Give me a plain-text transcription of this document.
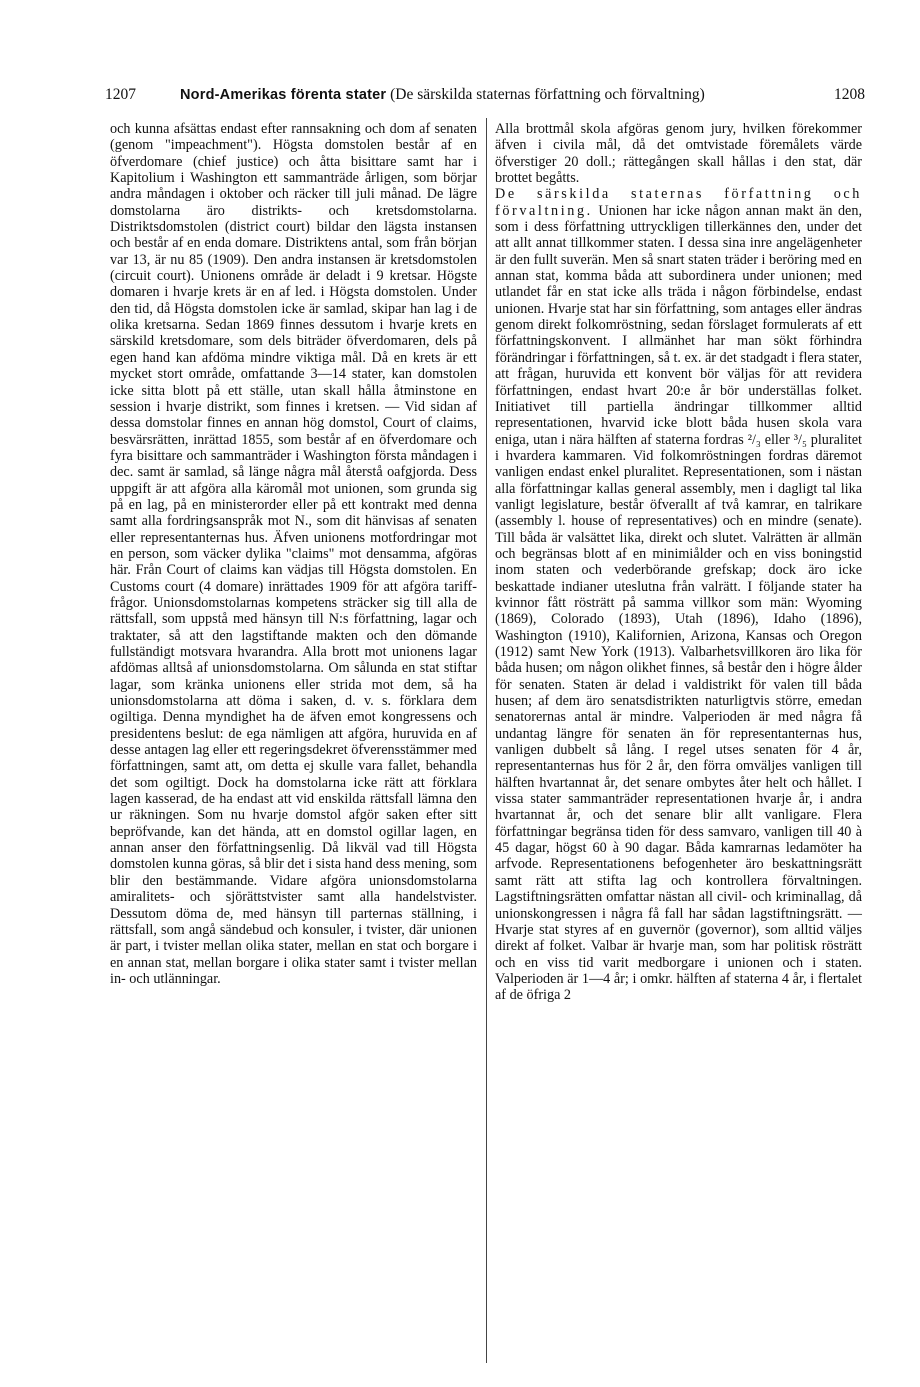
1207	Nord-Amerikas förenta stater (De särskilda staternas författning och förvaltning)	1208

och kunna afsättas endast efter rannsakning och dom af senaten (genom "impeachment"). Högsta domstolen består af en öfverdomare (chief justice) och åtta bisittare samt har i Kapitolium i Washington ett sammanträde årligen, som börjar andra måndagen i oktober och räcker till juli månad. De lägre domstolarna äro distrikts- och kretsdomstolarna. Distriktsdomstolen (district court) bildar den lägsta instansen och består af en enda domare. Distriktens antal, som från början var 13, är nu 85 (1909). Den andra instansen är kretsdomstolen (circuit court). Unionens område är deladt i 9 kretsar. Högste domaren i hvarje krets är en af led. i Högsta domstolen. Under den tid, då Högsta domstolen icke är samlad, skipar han lag i de olika kretsarna. Sedan 1869 finnes dessutom i hvarje krets en särskild kretsdomare, som dels biträder öfverdomaren, dels på egen hand kan afdöma mindre viktiga mål. Då en krets är ett mycket stort område, omfattande 3—14 stater, kan domstolen icke sitta blott på ett ställe, utan skall hålla åtminstone en session i hvarje distrikt, som finnes i kretsen. — Vid sidan af dessa domstolar finnes en annan hög domstol, Court of claims, besvärsrätten, inrättad 1855, som består af en öfverdomare och fyra bisittare och sammanträder i Washington första måndagen i dec. samt är samlad, så länge några mål återstå oafgjorda. Dess uppgift är att afgöra alla käromål mot unionen, som grunda sig på en lag, på en ministerorder eller på ett kontrakt med denna samt alla fordringsanspråk mot N., som dit hänvisas af senaten eller representanternas hus. Äfven unionens motfordringar mot en person, som väcker dylika "claims" mot densamma, afgöras här. Från Court of claims kan vädjas till Högsta domstolen. En Customs court (4 domare) inrättades 1909 för att afgöra tariff-frågor. Unionsdomstolarnas kompetens sträcker sig till alla de rättsfall, som uppstå med hänsyn till N:s författning, lagar och traktater, så att den lagstiftande makten och den dömande fullständigt motsvara hvarandra. Alla brott mot unionens lagar afdömas alltså af unionsdomstolarna. Om sålunda en stat stiftar lagar, som kränka unionens eller strida mot dem, så ha unionsdomstolarna att döma i saken, d. v. s. förklara dem ogiltiga. Denna myndighet ha de äfven emot kongressens och presidentens beslut: de ega nämligen att afgöra, huruvida en af desse antagen lag eller ett regeringsdekret öfverensstämmer med författningen, samt att, om detta ej skulle vara fallet, behandla det som ogiltigt. Dock ha domstolarna icke rätt att förklara lagen kasserad, de ha endast att vid enskilda rättsfall lämna den ur räkningen. Som nu hvarje domstol afgör saken efter sitt bepröfvande, kan det hända, att en domstol ogillar lagen, en annan anser den författningsenlig. Då likväl vad till Högsta domstolen kunna göras, så blir det i sista hand dess mening, som blir den bestämmande. Vidare afgöra unionsdomstolarna amiralitets- och sjörättstvister samt alla handelstvister. Dessutom döma de, med hänsyn till parternas ställning, i rättsfall, som angå sändebud och konsuler, i tvister, där unionen är part, i tvister mellan olika stater, mellan en stat och borgare i en annan stat, mellan borgare i olika stater samt i tvister mellan in- och utlänningar.

Alla brottmål skola afgöras genom jury, hvilken förekommer äfven i civila mål, då det omtvistade föremålets värde öfverstiger 20 doll.; rättegången skall hållas i den stat, där brottet begåtts.

De särskilda staternas författning och förvaltning. Unionen har icke någon annan makt än den, som i dess författning uttryckligen tillerkännes den, under det att allt annat tillkommer staten. I dessa sina inre angelägenheter är den fullt suverän. Men så snart staten träder i beröring med en annan stat, komma båda att subordinera under unionen; med utlandet får en stat icke alls träda i någon förbindelse, endast unionen. Hvarje stat har sin författning, som antages eller ändras genom direkt folkomröstning, sedan förslaget formulerats af ett författningskonvent. I allmänhet har man sökt förhindra förändringar i författningen, så t. ex. är det stadgadt i flera stater, att frågan, huruvida ett konvent bör väljas för att revidera författningen, endast hvart 20:e år bör underställas folket. Initiativet till partiella ändringar tillkommer alltid representationen, hvarvid icke blott båda husen skola vara eniga, utan i nära hälften af staterna fordras ²/₃ eller ³/₅ pluralitet i hvardera kammaren. Vid folkomröstningen fordras däremot vanligen endast enkel pluralitet. Representationen, som i nästan alla författningar kallas general assembly, men i dagligt tal lika vanligt legislature, består öfverallt af två kamrar, en talrikare (assembly l. house of representatives) och en mindre (senate). Till båda är valsättet lika, direkt och slutet. Valrätten är allmän och begränsas blott af en minimiålder och en viss boningstid inom staten och vederbörande grefskap; dock äro icke beskattade indianer uteslutna från valrätt. I följande stater ha kvinnor fått rösträtt på samma villkor som män: Wyoming (1869), Colorado (1893), Utah (1896), Idaho (1896), Washington (1910), Kalifornien, Arizona, Kansas och Oregon (1912) samt New York (1913). Valbarhetsvillkoren äro lika för båda husen; om någon olikhet finnes, så består den i högre ålder för senaten. Staten är delad i valdistrikt för valen till båda husen; af dem äro senatsdistrikten naturligtvis större, emedan senatorernas antal är mindre. Valperioden är med några få undantag längre för senaten än för representanternas hus, vanligen dubbelt så lång. I regel utses senaten för 4 år, representanternas hus för 2 år, den förra omväljes vanligen till hälften hvartannat år, det senare ombytes åter helt och hållet. I vissa stater sammanträder representationen hvarje år, i andra hvartannat år, och det senare blir allt vanligare. Flera författningar begränsa tiden för dess samvaro, vanligen till 40 à 45 dagar, högst 60 à 90 dagar. Båda kamrarnas ledamöter ha arfvode. Representationens befogenheter äro beskattningsrätt samt rätt att stifta lag och kontrollera förvaltningen. Lagstiftningsrätten omfattar nästan all civil- och kriminallag, då unionskongressen i några få fall har sådan lagstiftningsrätt. — Hvarje stat styres af en guvernör (governor), som alltid väljes direkt af folket. Valbar är hvarje man, som har politisk rösträtt och en viss tid varit medborgare i unionen och i staten. Valperioden är 1—4 år; i omkr. hälften af staterna 4 år, i flertalet af de öfriga 2
